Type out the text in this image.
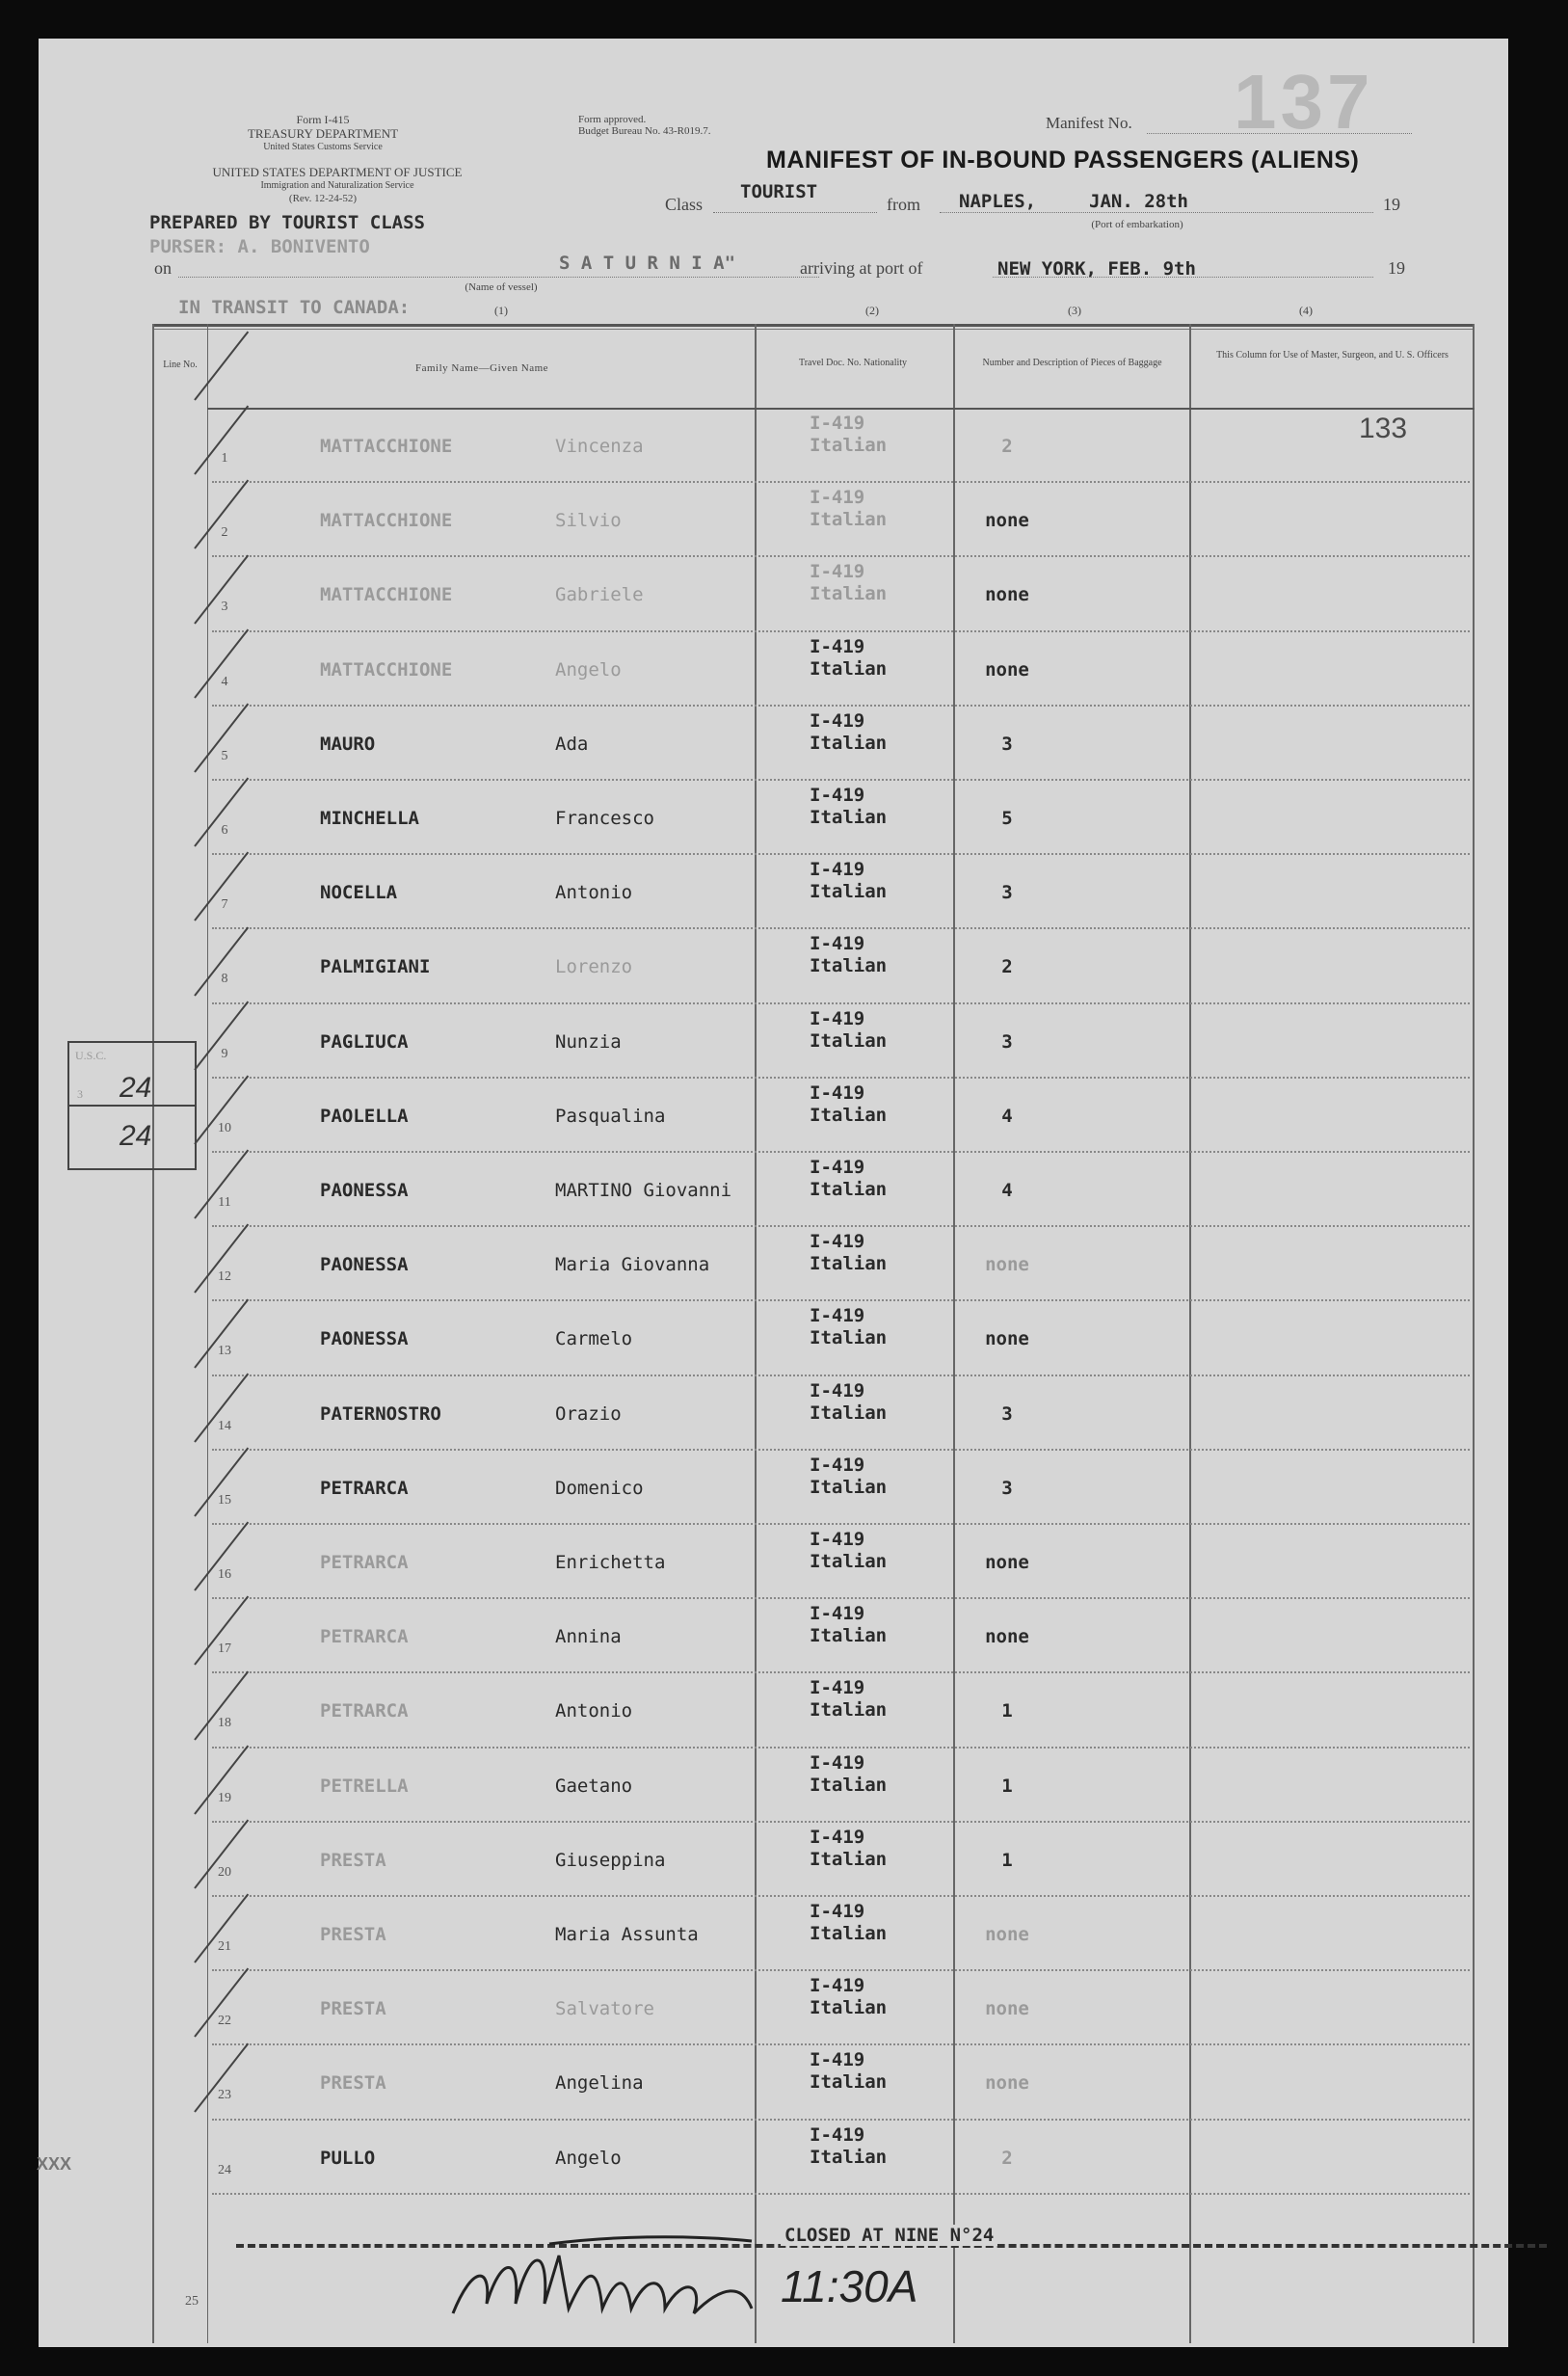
Form I-415
TREASURY DEPARTMENT
United States Customs Service
UNITED STATES DEPARTMENT OF JUSTICE
Immigration and Naturalization Service
(Rev. 12-24-52)
Form approved.
Budget Bureau No. 43-R019.7.	Manifest No. 137
MANIFEST OF IN-BOUND PASSENGERS (ALIENS)
Class
TOURIST
from NAPLES,	JAN. 28th	19
(Port of embarkation)
PREPARED BY TOURIST CLASS
PURSER: A. BONIVENTO
on	S A T U R N I A"	arriving at port of	NEW YORK, FEB. 9th	19
(Name of vessel)
IN TRANSIT TO CANADA:	(1)	(2)	(3)	(4)
Line No.	Family Name—Given Name	Travel Doc. No. Nationality	Number and Description of Pieces of Baggage
This Column for Use of Master, Surgeon, and U. S. Officers
133
1
MATTACCHIONE	Vincenza
I-419
Italian	2
2
MATTACCHIONE	Silvio
I-419
Italian	none
3
MATTACCHIONE	Gabriele
I-419
Italian	none
4
MATTACCHIONE	Angelo
I-419
Italian	none
5
MAURO	Ada
I-419
Italian	3
6
MINCHELLA	Francesco
I-419
Italian	5
7
NOCELLA	Antonio
I-419
Italian	3
8
PALMIGIANI	Lorenzo
I-419
Italian	2
9
PAGLIUCA	Nunzia
I-419
Italian	3
10
PAOLELLA	Pasqualina
I-419
Italian	4
11
PAONESSA	MARTINO Giovanni
I-419
Italian	4
12
PAONESSA	Maria Giovanna
I-419
Italian	none
13
PAONESSA	Carmelo
I-419
Italian	none
14
PATERNOSTRO	Orazio
I-419
Italian	3
15
PETRARCA	Domenico
I-419
Italian	3
16
PETRARCA	Enrichetta
I-419
Italian	none
17
PETRARCA	Annina
I-419
Italian	none
18
PETRARCA	Antonio
I-419
Italian	1
19
PETRELLA	Gaetano
I-419
Italian	1
20
PRESTA	Giuseppina
I-419
Italian	1
21
PRESTA	Maria Assunta
I-419
Italian	none
22
PRESTA	Salvatore
I-419
Italian	none
23
PRESTA	Angelina
I-419
Italian	none
24
PULLO	Angelo
I-419
Italian	2
U.S.C.
3 24
24
CLOSED AT NINE N°24
25	11:30A
XXX
